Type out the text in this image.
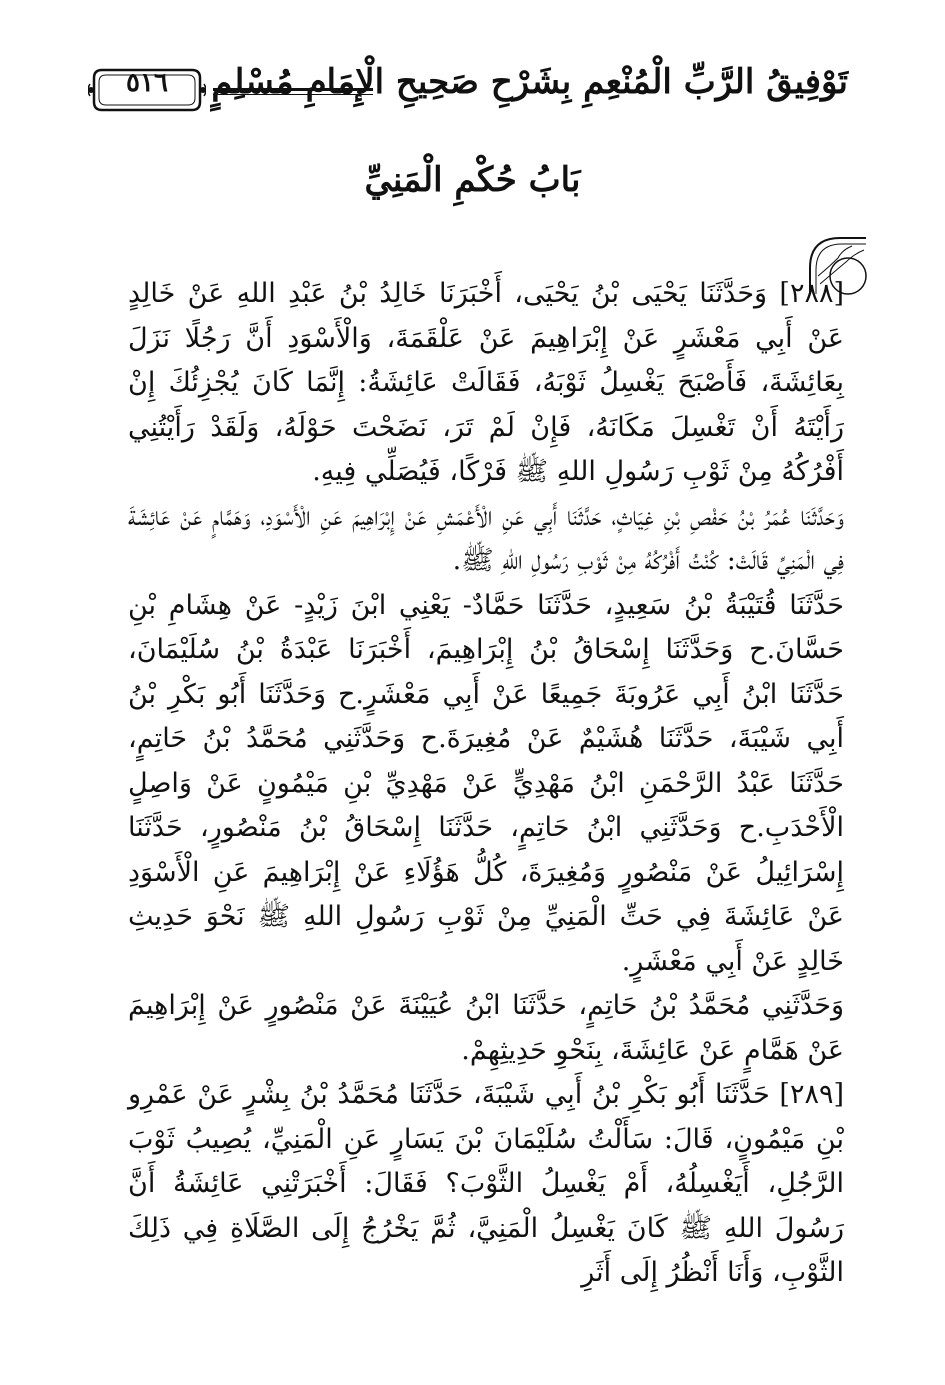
تَوْفِيقُ الرَّبِّ الْمُنْعِمِ بِشَرْحِ صَحِيحِ الْإِمَامِ مُسْلِمٍ
٥١٦
بَابُ حُكْمِ الْمَنِيِّ

[٢٨٨] وَحَدَّثَنَا يَحْيَى بْنُ يَحْيَى، أَخْبَرَنَا خَالِدُ بْنُ عَبْدِ اللهِ عَنْ خَالِدٍ عَنْ أَبِي مَعْشَرٍ عَنْ إِبْرَاهِيمَ عَنْ عَلْقَمَةَ، وَالْأَسْوَدِ أَنَّ رَجُلًا نَزَلَ بِعَائِشَةَ، فَأَصْبَحَ يَغْسِلُ ثَوْبَهُ، فَقَالَتْ عَائِشَةُ: إِنَّمَا كَانَ يُجْزِئُكَ إِنْ رَأَيْتَهُ أَنْ تَغْسِلَ مَكَانَهُ، فَإِنْ لَمْ تَرَ، نَضَحْتَ حَوْلَهُ، وَلَقَدْ رَأَيْتُنِي أَفْرُكُهُ مِنْ ثَوْبِ رَسُولِ اللهِ ﷺ فَرْكًا، فَيُصَلِّي فِيهِ.

وَحَدَّثَنَا عُمَرُ بْنُ حَفْصِ بْنِ غِيَاثٍ، حَدَّثَنَا أَبِي عَنِ الْأَعْمَشِ عَنْ إِبْرَاهِيمَ عَنِ الْأَسْوَدِ، وَهَمَّامٍ عَنْ عَائِشَةَ فِي الْمَنِيِّ قَالَتْ: كُنْتُ أَفْرُكُهُ مِنْ ثَوْبِ رَسُولِ اللهِ ﷺ.

حَدَّثَنَا قُتَيْبَةُ بْنُ سَعِيدٍ، حَدَّثَنَا حَمَّادٌ- يَعْنِي ابْنَ زَيْدٍ- عَنْ هِشَامِ بْنِ حَسَّانَ.ح وَحَدَّثَنَا إِسْحَاقُ بْنُ إِبْرَاهِيمَ، أَخْبَرَنَا عَبْدَةُ بْنُ سُلَيْمَانَ، حَدَّثَنَا ابْنُ أَبِي عَرُوبَةَ جَمِيعًا عَنْ أَبِي مَعْشَرٍ.ح وَحَدَّثَنَا أَبُو بَكْرِ بْنُ أَبِي شَيْبَةَ، حَدَّثَنَا هُشَيْمٌ عَنْ مُغِيرَةَ.ح وَحَدَّثَنِي مُحَمَّدُ بْنُ حَاتِمٍ، حَدَّثَنَا عَبْدُ الرَّحْمَنِ ابْنُ مَهْدِيٍّ عَنْ مَهْدِيِّ بْنِ مَيْمُونٍ عَنْ وَاصِلٍ الْأَحْدَبِ.ح وَحَدَّثَنِي ابْنُ حَاتِمٍ، حَدَّثَنَا إِسْحَاقُ بْنُ مَنْصُورٍ، حَدَّثَنَا إِسْرَائِيلُ عَنْ مَنْصُورٍ وَمُغِيرَةَ، كُلُّ هَؤُلَاءِ عَنْ إِبْرَاهِيمَ عَنِ الْأَسْوَدِ عَنْ عَائِشَةَ فِي حَتِّ الْمَنِيِّ مِنْ ثَوْبِ رَسُولِ اللهِ ﷺ نَحْوَ حَدِيثِ خَالِدٍ عَنْ أَبِي مَعْشَرٍ.

وَحَدَّثَنِي مُحَمَّدُ بْنُ حَاتِمٍ، حَدَّثَنَا ابْنُ عُيَيْنَةَ عَنْ مَنْصُورٍ عَنْ إِبْرَاهِيمَ عَنْ هَمَّامٍ عَنْ عَائِشَةَ، بِنَحْوِ حَدِيثِهِمْ.

[٢٨٩] حَدَّثَنَا أَبُو بَكْرِ بْنُ أَبِي شَيْبَةَ، حَدَّثَنَا مُحَمَّدُ بْنُ بِشْرٍ عَنْ عَمْرِو بْنِ مَيْمُونٍ، قَالَ: سَأَلْتُ سُلَيْمَانَ بْنَ يَسَارٍ عَنِ الْمَنِيِّ، يُصِيبُ ثَوْبَ الرَّجُلِ، أَيَغْسِلُهُ، أَمْ يَغْسِلُ الثَّوْبَ؟ فَقَالَ: أَخْبَرَتْنِي عَائِشَةُ أَنَّ رَسُولَ اللهِ ﷺ كَانَ يَغْسِلُ الْمَنِيَّ، ثُمَّ يَخْرُجُ إِلَى الصَّلَاةِ فِي ذَلِكَ الثَّوْبِ، وَأَنَا أَنْظُرُ إِلَى أَثَرِ
